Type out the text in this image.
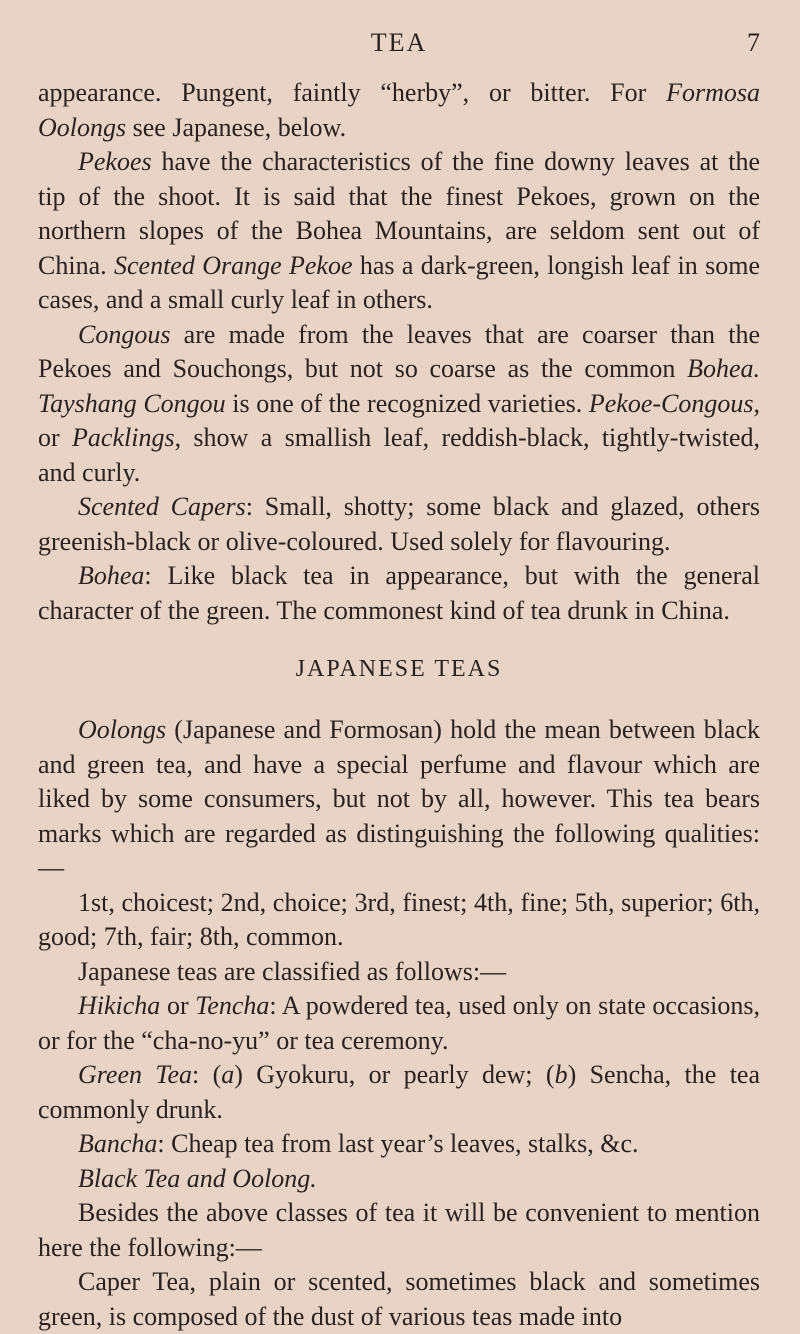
TEA	7

appearance. Pungent, faintly “herby”, or bitter. For Formosa Oolongs see Japanese, below.

Pekoes have the characteristics of the fine downy leaves at the tip of the shoot. It is said that the finest Pekoes, grown on the northern slopes of the Bohea Mountains, are seldom sent out of China. Scented Orange Pekoe has a dark-green, longish leaf in some cases, and a small curly leaf in others.

Congous are made from the leaves that are coarser than the Pekoes and Souchongs, but not so coarse as the common Bohea. Tayshang Congou is one of the recognized varieties. Pekoe-Congous, or Packlings, show a smallish leaf, reddish-black, tightly-twisted, and curly.

Scented Capers: Small, shotty; some black and glazed, others greenish-black or olive-coloured. Used solely for flavouring.

Bohea: Like black tea in appearance, but with the general character of the green. The commonest kind of tea drunk in China.

JAPANESE TEAS

Oolongs (Japanese and Formosan) hold the mean between black and green tea, and have a special perfume and flavour which are liked by some consumers, but not by all, however. This tea bears marks which are regarded as distinguishing the following qualities:—

1st, choicest; 2nd, choice; 3rd, finest; 4th, fine; 5th, superior; 6th, good; 7th, fair; 8th, common.

Japanese teas are classified as follows:—

Hikicha or Tencha: A powdered tea, used only on state occasions, or for the “cha-no-yu” or tea ceremony.

Green Tea: (a) Gyokuru, or pearly dew; (b) Sencha, the tea commonly drunk.

Bancha: Cheap tea from last year’s leaves, stalks, &c.

Black Tea and Oolong.

Besides the above classes of tea it will be convenient to mention here the following:—

Caper Tea, plain or scented, sometimes black and sometimes green, is composed of the dust of various teas made into
